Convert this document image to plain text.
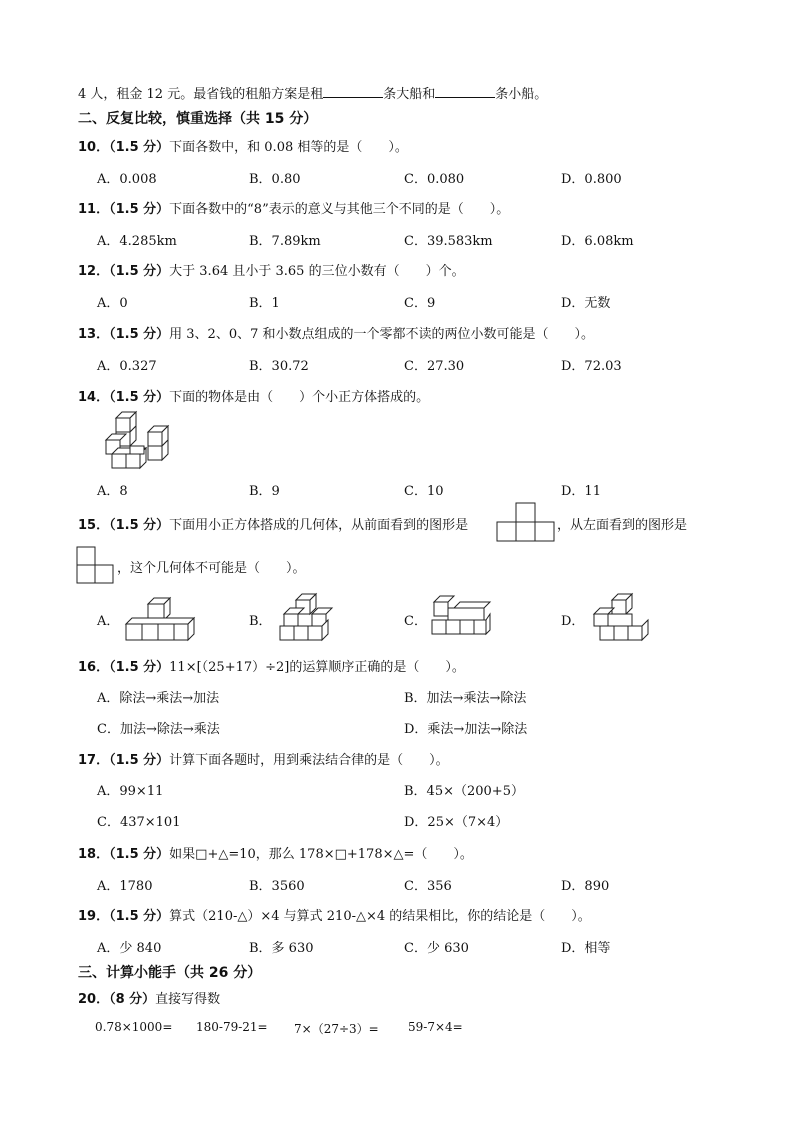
4 人，租金 12 元。最省钱的租船方案是租	条大船和	条小船。
二、反复比较，慎重选择（共 15 分）
10．（1.5 分）下面各数中，和 0.08 相等的是（　　）。
A．0.008	B．0.80	C．0.080	D．0.800
11．（1.5 分）下面各数中的“8”表示的意义与其他三个不同的是（　　）。
A．4.285km	B．7.89km	C．39.583km	D．6.08km
12．（1.5 分）大于 3.64 且小于 3.65 的三位小数有（　　）个。
A．0	B．1	C．9	D．无数
13．（1.5 分）用 3、2、0、7 和小数点组成的一个零都不读的两位小数可能是（　　）。
A．0.327	B．30.72	C．27.30	D．72.03
14．（1.5 分）下面的物体是由（　　）个小正方体搭成的。
A．8	B．9	C．10	D．11
15．（1.5 分）下面用小正方体搭成的几何体，从前面看到的图形是	，从左面看到的图形是
，这个几何体不可能是（　　）。
A．	B．	C．	D．
16．（1.5 分）11×[（25+17）÷2]的运算顺序正确的是（　　）。
A．除法→乘法→加法	B．加法→乘法→除法
C．加法→除法→乘法	D．乘法→加法→除法
17．（1.5 分）计算下面各题时，用到乘法结合律的是（　　）。
A．99×11	B．45×（200+5）
C．437×101	D．25×（7×4）
18．（1.5 分）如果□+△=10，那么 178×□+178×△=（　　）。
A．1780	B．3560	C．356	D．890
19．（1.5 分）算式（210-△）×4 与算式 210-△×4 的结果相比，你的结论是（　　）。
A．少 840	B．多 630	C．少 630	D．相等
三、计算小能手（共 26 分）
20．（8 分）直接写得数
0.78×1000= 180-79-21= 7×（27÷3）= 59-7×4=
